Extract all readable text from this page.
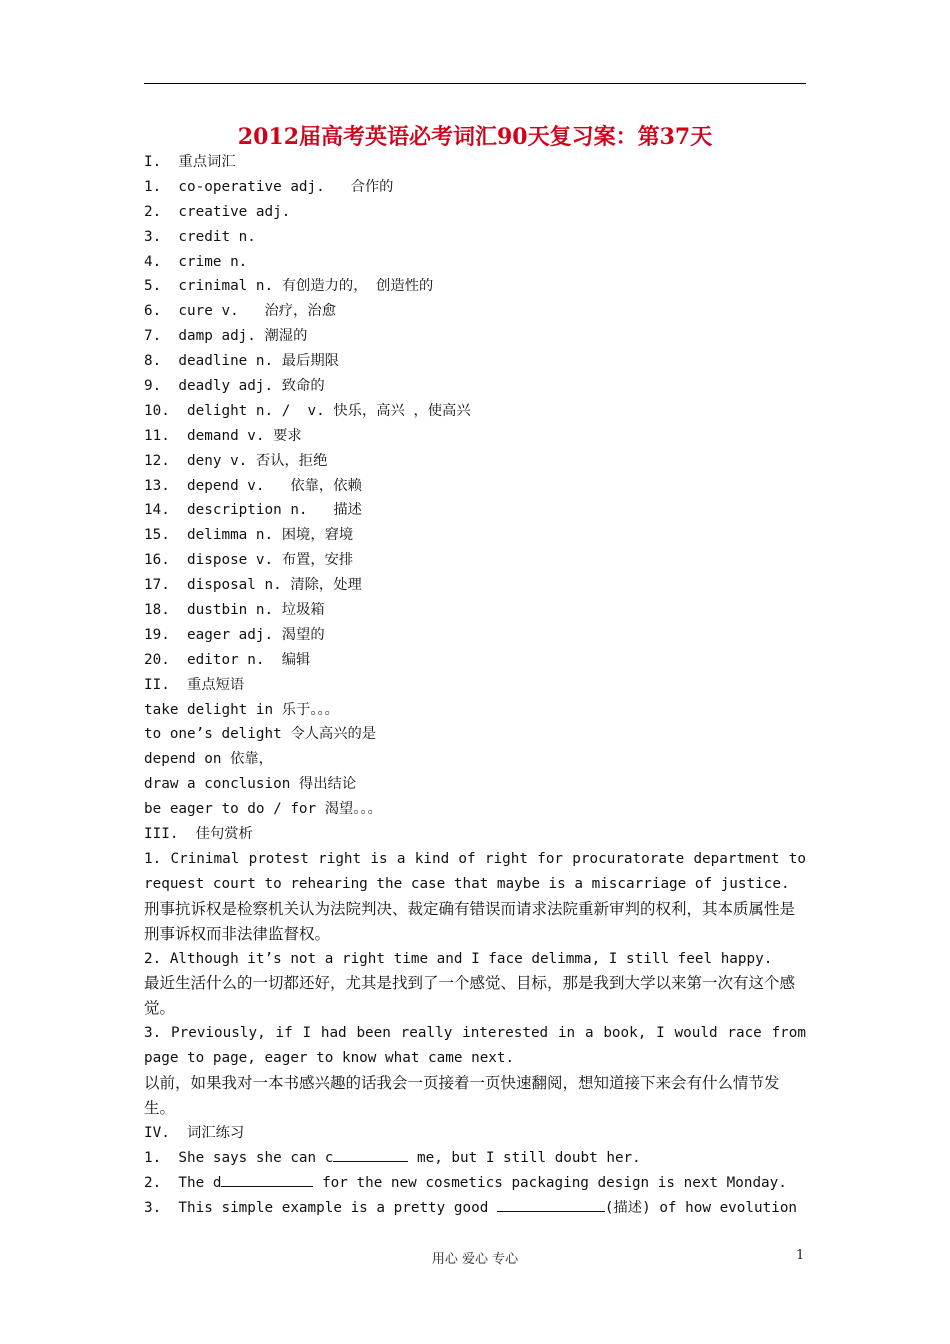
2012届高考英语必考词汇90天复习案：第37天
I.  重点词汇
1.  co-operative adj.   合作的
2.  creative adj.
3.  credit n.
4.  crime n.
5.  crinimal n. 有创造力的， 创造性的
6.  cure v.   治疗，治愈
7.  damp adj. 潮湿的
8.  deadline n. 最后期限
9.  deadly adj. 致命的
10.  delight n. /  v. 快乐，高兴 ，使高兴
11.  demand v. 要求
12.  deny v. 否认，拒绝
13.  depend v.   依靠，依赖
14.  description n.   描述
15.  delimma n. 困境，窘境
16.  dispose v. 布置，安排
17.  disposal n. 清除，处理
18.  dustbin n. 垃圾箱
19.  eager adj. 渴望的
20.  editor n.  编辑
II.  重点短语
take delight in 乐于。。。
to one’s delight 令人高兴的是
depend on 依靠，
draw a conclusion 得出结论
be eager to do / for 渴望。。。
III.  佳句赏析
1. Crinimal protest right is a kind of right for procuratorate department to
request court to rehearing the case that maybe is a miscarriage of justice.
刑事抗诉权是检察机关认为法院判决、裁定确有错误而请求法院重新审判的权利，其本质属性是刑事诉权而非法律监督权。
2. Although it’s not a right time and I face delimma, I still feel happy.
最近生活什么的一切都还好，尤其是找到了一个感觉、目标，那是我到大学以来第一次有这个感觉。
3. Previously, if I had been really interested in a book, I would race from
page to page, eager to know what came next.
以前，如果我对一本书感兴趣的话我会一页接着一页快速翻阅，想知道接下来会有什么情节发生。
IV.  词汇练习
1.  She says she can c	me, but I still doubt her.
2.  The d	for the new cosmetics packaging design is next Monday.
3.  This simple example is a pretty good	(描述) of how evolution
用心 爱心 专心	1
